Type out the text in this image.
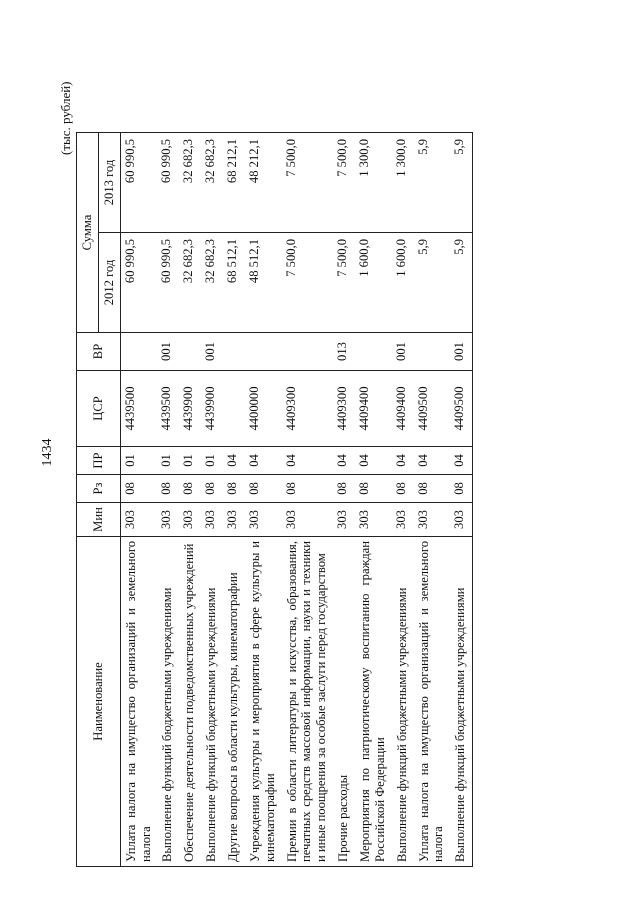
1434
(тыс. рублей)
Наименование	Мин	Рз	ПР	ЦСР	ВР	Сумма	
						2012 год	2013 год
Уплата налога на имущество организаций и земельного налога	303	08	01	4439500		60 990,5	60 990,5
Выполнение функций бюджетными учреждениями	303	08	01	4439500	001	60 990,5	60 990,5
Обеспечение деятельности подведомственных учреждений	303	08	01	4439900		32 682,3	32 682,3
Выполнение функций бюджетными учреждениями	303	08	01	4439900	001	32 682,3	32 682,3
Другие вопросы в области культуры, кинематографии	303	08	04			68 512,1	68 212,1
Учреждения культуры и мероприятия в сфере культуры и кинематографии	303	08	04	4400000		48 512,1	48 212,1
Премии в области литературы и искусства, образования, печатных средств массовой информации, науки и техники и иные поощрения за особые заслуги перед государством	303	08	04	4409300		7 500,0	7 500,0
Прочие расходы	303	08	04	4409300	013	7 500,0	7 500,0
Мероприятия по патриотическому воспитанию граждан Российской Федерации	303	08	04	4409400		1 600,0	1 300,0
Выполнение функций бюджетными учреждениями	303	08	04	4409400	001	1 600,0	1 300,0
Уплата налога на имущество организаций и земельного налога	303	08	04	4409500		5,9	5,9
Выполнение функций бюджетными учреждениями	303	08	04	4409500	001	5,9	5,9
